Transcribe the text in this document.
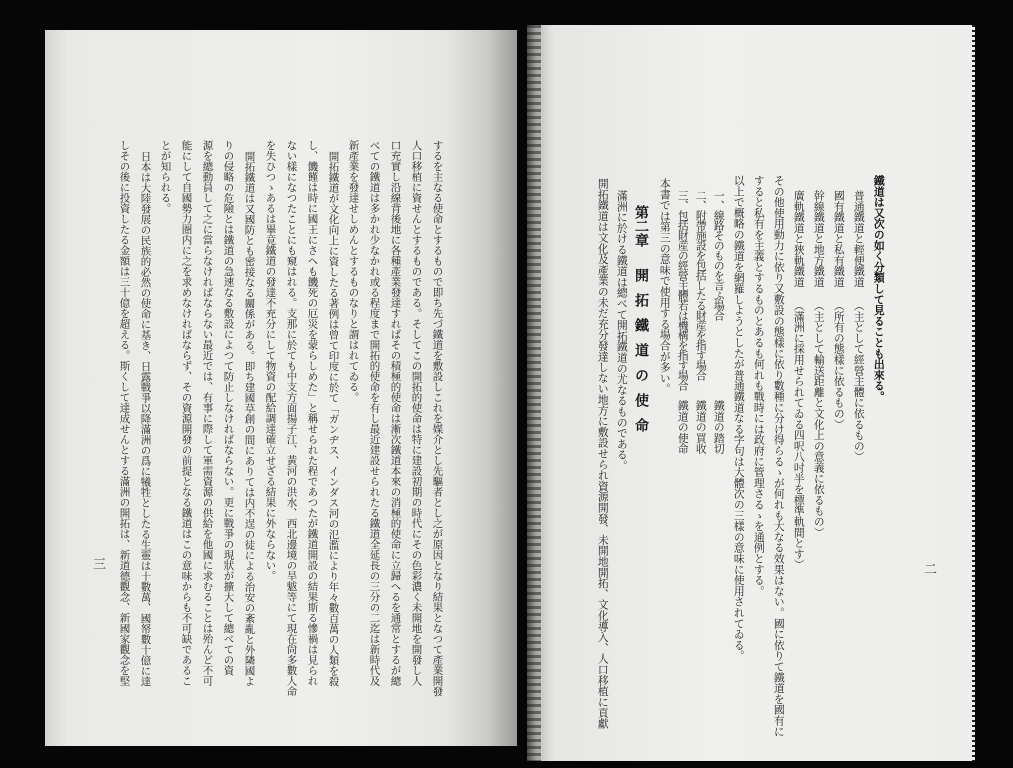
するを主なる使命とするもので即ち先づ鐵道を敷設しこれを媒介とし先驅者とし之が原因となり結果となつて產業開發

人口移植に資せんとするものである。そしてこの開拓的使命は特に建設初期の時代にその色彩濃く未開地を開發し人

口充實し沿線背後地に各種產業發達すればその積極的使命は漸次鐵道本來の消極的使命に立歸へるを通常とするが總

べての鐵道は多かれ少なかれ或る程度まで開拓的使命を有し最近建設せられたる鐵道全延長の三分の二迄は新時代及

新產業を發達せしめんとするものなりと謂はれてゐる。

開拓鐵道が文化向上に資したる著例は曾て印度に於て「ガンヂス、インダス河の氾濫により年々數百萬の人類を殺

し、饑饉は時に國王にさへも饑死の厄災を蒙らしめた」と稱せられた程であつたが鐵道開設の結果斯る慘禍は見られ

ない樣になつたことにも窺はれる。支那に於ても中支方面揚子江、黃河の洪水、西北邊境の旱魃等にて現在尙多數人命

を失ひつゝあるは畢竟鐵道の發達不充分にして物資の配給調達確立せざる結果に外ならない。

開拓鐵道は又國防とも密接なる關係がある。即ち建國草創の間にありては内不逞の徒による治安の紊亂と外隣國よ

りの侵略の危險とは鐵道の急速なる敷設によつて防止しなければならない。更に戰爭の現狀が擴大して總べての資

源を總動員して之に當らなければならない最近では、有事に際して軍需資源の供給を他國に求むることは殆んど不可

能にして自國勢力圏内に之を求めなければならず、その資源開發の前提となる鐵道はこの意味からも不可缺であるこ

とが知られる。

日本は大陸發展の民族的必然の使命に基き、日露戰爭以降滿洲の爲に犧牲としたる生靈は十數萬、國帑數十億に達

しその後に投資したる金額は三十億を超える。斯くして達成せんとする滿洲の開拓は、新道德觀念、新國家觀念を堅

三

鐵道は又次の如く分類して見ることも出來る。

普通鐵道と輕便鐵道
（主として經營主體に依るもの）
國有鐵道と私有鐵道
（所有の態樣に依るもの）
幹線鐵道と地方鐵道
（主として輸送距離と文化上の意義に依るもの）
廣軌鐵道と狹軌鐵道
（滿洲に採用せられてゐる四呎八吋半を標準軌間とす）

その他使用動力に依り又敷設の態樣に依り數種に分け得らるゝが何れも大なる效果はない。國に依りて鐵道を國有に

すると私有を主義とするものとあるも何れも戰時には政府に管理さるゝを通例とする。

以上で概略の鐵道を網羅しようとしたが普通鐵道なる字句は大體次の三樣の意味に使用されてゐる。

一、線路そのものを言ふ場合
鐵道の踏切
二、附帶施設を包括したる財産を指す場合
鐵道の買收
三、包括財産の經營主體若は機構を指す場合
鐵道の使命

本書では第三の意味で使用する場合が多い。

第二章
開拓鐵道の使命

滿洲に於ける鐵道は總べて開拓鐵道の尤なるものである。

開拓鐵道は文化及產業の未だ充分發達しない地方に敷設せられ資源開發、未開地開拓、文化導入、人口移植に貢獻	二
